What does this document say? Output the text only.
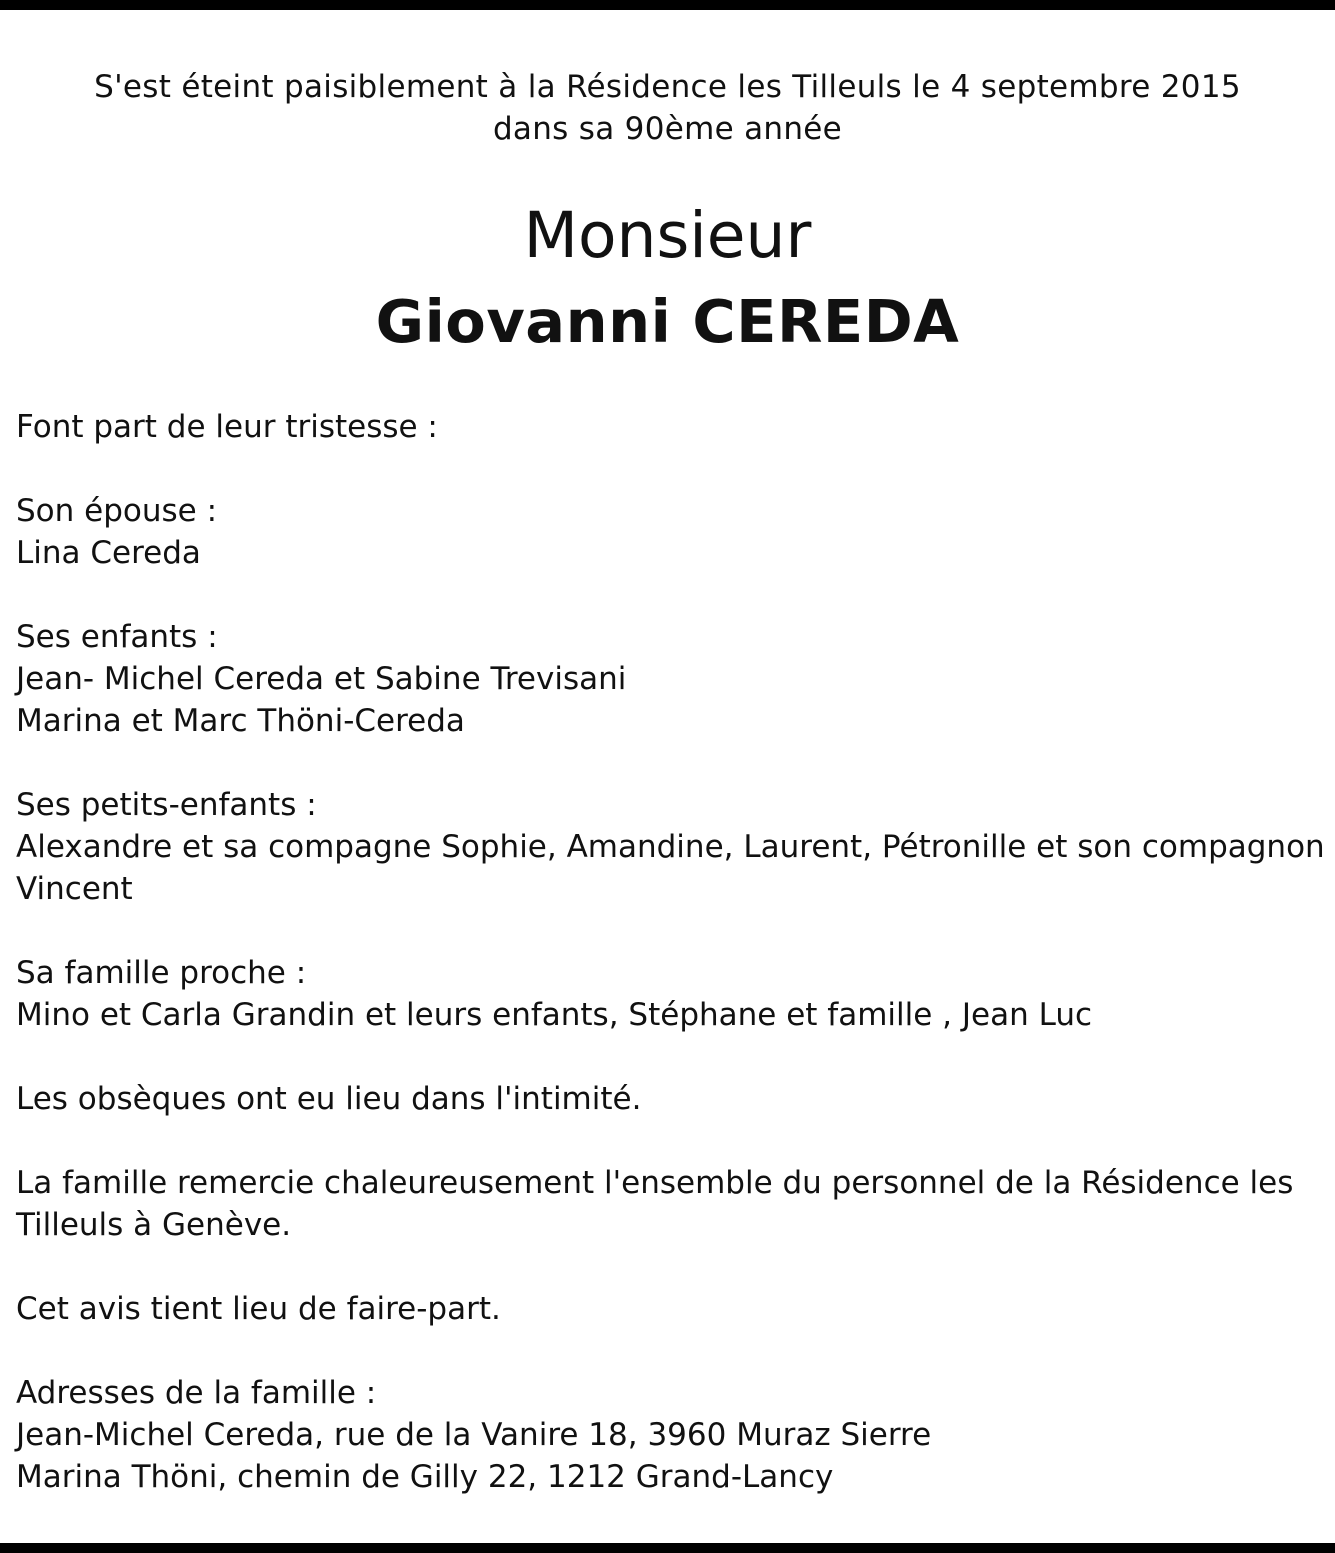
S'est éteint paisiblement à la Résidence les Tilleuls le 4 septembre 2015
dans sa 90ème année
Monsieur
Giovanni CEREDA
Font part de leur tristesse :
Son épouse :
Lina Cereda
Ses enfants :
Jean- Michel Cereda et Sabine Trevisani
Marina et Marc Thöni-Cereda
Ses petits-enfants :
Alexandre et sa compagne Sophie, Amandine, Laurent, Pétronille et son compagnon
Vincent
Sa famille proche :
Mino et Carla Grandin et leurs enfants, Stéphane et famille , Jean Luc
Les obsèques ont eu lieu dans l'intimité.
La famille remercie chaleureusement l'ensemble du personnel de la Résidence les
Tilleuls à Genève.
Cet avis tient lieu de faire-part.
Adresses de la famille :
Jean-Michel Cereda, rue de la Vanire 18, 3960 Muraz Sierre
Marina Thöni, chemin de Gilly 22, 1212 Grand-Lancy
